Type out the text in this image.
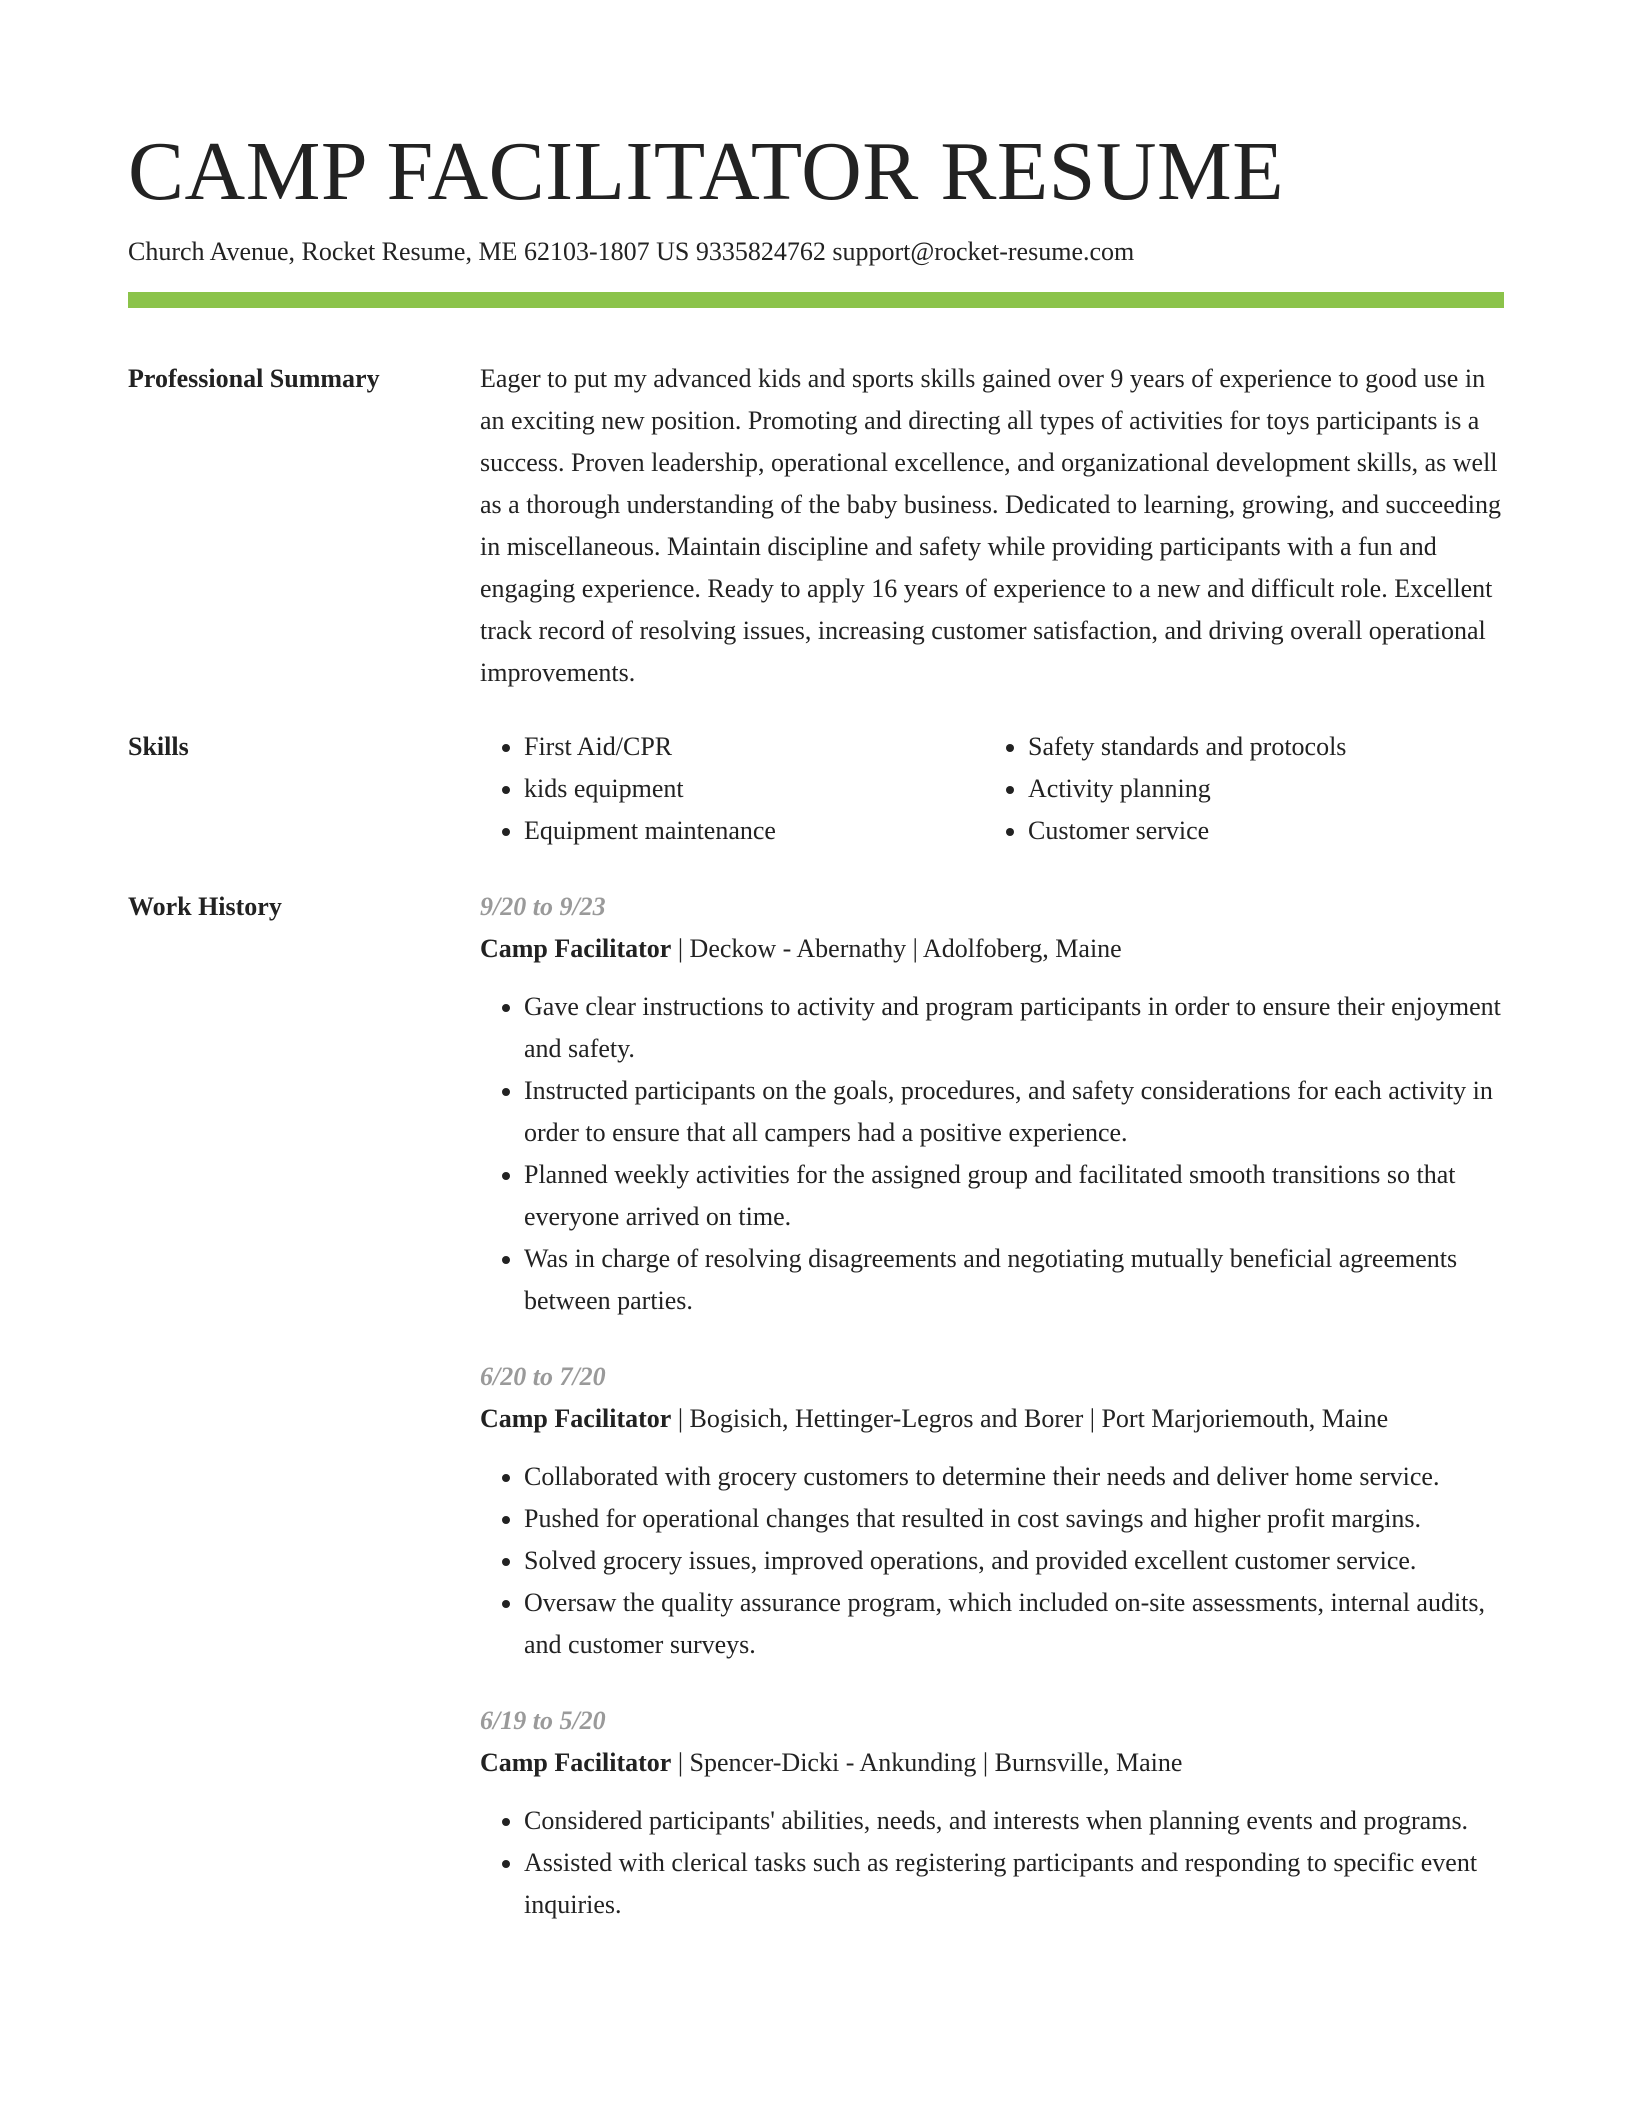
CAMP FACILITATOR RESUME
Church Avenue, Rocket Resume, ME 62103-1807 US 9335824762 support@rocket-resume.com
Professional Summary	Eager to put my advanced kids and sports skills gained over 9 years of experience to good use in an exciting new position. Promoting and directing all types of activities for toys participants is a success. Proven leadership, operational excellence, and organizational development skills, as well as a thorough understanding of the baby business. Dedicated to learning, growing, and succeeding in miscellaneous. Maintain discipline and safety while providing participants with a fun and engaging experience. Ready to apply 16 years of experience to a new and difficult role. Excellent track record of resolving issues, increasing customer satisfaction, and driving overall operational improvements.
Skills
•	First Aid/CPR
• kids equipment
• Equipment maintenance
• Safety standards and protocols
• Activity planning
• Customer service
Work History	9/20 to 9/23
Camp Facilitator | Deckow - Abernathy | Adolfoberg, Maine
• Gave clear instructions to activity and program participants in order to ensure their enjoyment and safety.
• Instructed participants on the goals, procedures, and safety considerations for each activity in order to ensure that all campers had a positive experience.
• Planned weekly activities for the assigned group and facilitated smooth transitions so that everyone arrived on time.
• Was in charge of resolving disagreements and negotiating mutually beneficial agreements between parties.
6/20 to 7/20
Camp Facilitator | Bogisich, Hettinger-Legros and Borer | Port Marjoriemouth, Maine
• Collaborated with grocery customers to determine their needs and deliver home service.
• Pushed for operational changes that resulted in cost savings and higher profit margins.
• Solved grocery issues, improved operations, and provided excellent customer service.
• Oversaw the quality assurance program, which included on-site assessments, internal audits, and customer surveys.
6/19 to 5/20
Camp Facilitator | Spencer-Dicki - Ankunding | Burnsville, Maine
• Considered participants' abilities, needs, and interests when planning events and programs.
• Assisted with clerical tasks such as registering participants and responding to specific event inquiries.
